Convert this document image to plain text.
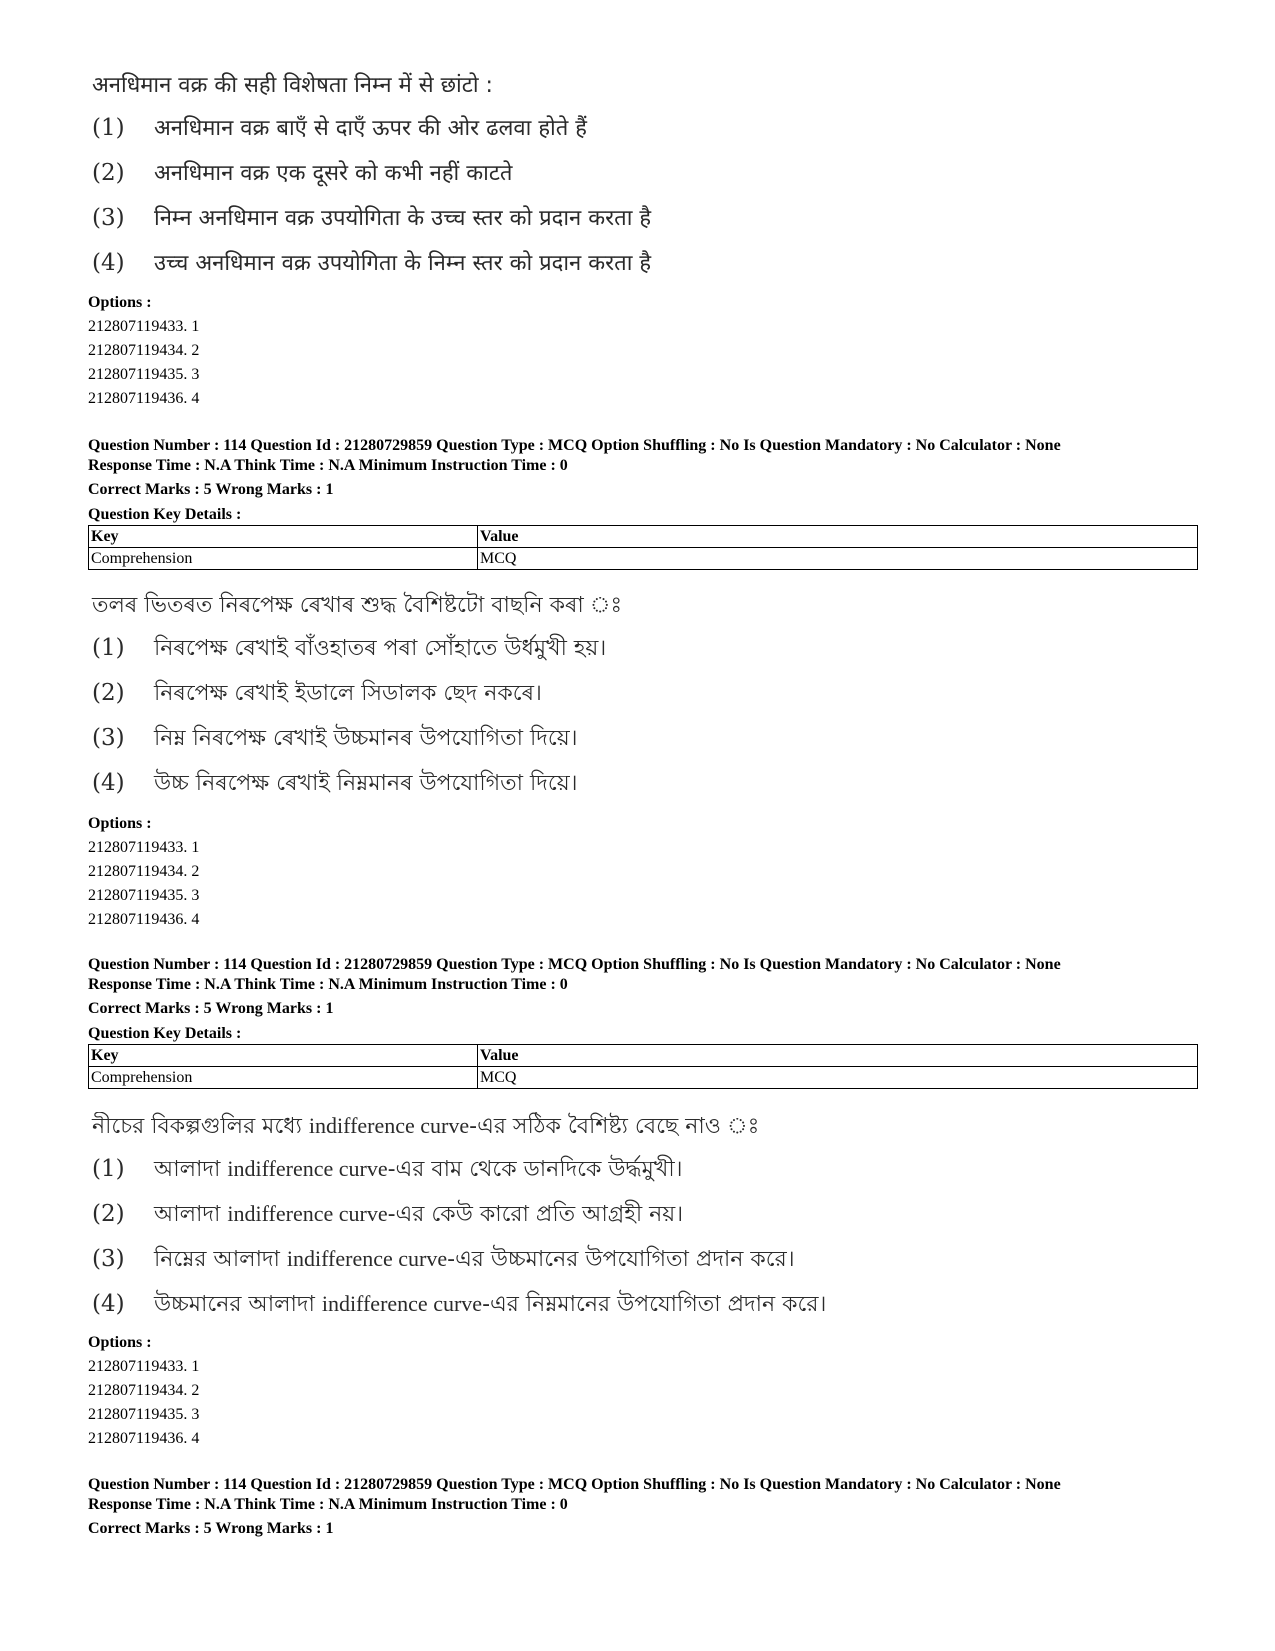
अनधिमान वक्र की सही विशेषता निम्न में से छांटो :
(1) अनधिमान वक्र बाएँ से दाएँ ऊपर की ओर ढलवा होते हैं
(2) अनधिमान वक्र एक दूसरे को कभी नहीं काटते
(3) निम्न अनधिमान वक्र उपयोगिता के उच्च स्तर को प्रदान करता है
(4) उच्च अनधिमान वक्र उपयोगिता के निम्न स्तर को प्रदान करता है
Options :
212807119433. 1
212807119434. 2
212807119435. 3
212807119436. 4
Question Number : 114 Question Id : 21280729859 Question Type : MCQ Option Shuffling : No Is Question Mandatory : No Calculator : None
Response Time : N.A Think Time : N.A Minimum Instruction Time : 0
Correct Marks : 5 Wrong Marks : 1
Question Key Details :
Key	Value
Comprehension	MCQ
তলৰ ভিতৰত নিৰপেক্ষ ৰেখাৰ শুদ্ধ বৈশিষ্টটো বাছনি কৰা ঃ
(1) নিৰপেক্ষ ৰেখাই বাঁওহাতৰ পৰা সোঁহাতে উৰ্ধমুখী হয়।
(2) নিৰপেক্ষ ৰেখাই ইডালে সিডালক ছেদ নকৰে।
(3) নিম্ন নিৰপেক্ষ ৰেখাই উচ্চমানৰ উপযোগিতা দিয়ে।
(4) উচ্চ নিৰপেক্ষ ৰেখাই নিম্নমানৰ উপযোগিতা দিয়ে।
Options :
212807119433. 1
212807119434. 2
212807119435. 3
212807119436. 4
Question Number : 114 Question Id : 21280729859 Question Type : MCQ Option Shuffling : No Is Question Mandatory : No Calculator : None
Response Time : N.A Think Time : N.A Minimum Instruction Time : 0
Correct Marks : 5 Wrong Marks : 1
Question Key Details :
Key	Value
Comprehension	MCQ
নীচের বিকল্পগুলির মধ্যে indifference curve-এর সঠিক বৈশিষ্ট্য বেছে নাও ঃ
(1) আলাদা indifference curve-এর বাম থেকে ডানদিকে উৰ্দ্ধমুখী।
(2) আলাদা indifference curve-এর কেউ কারো প্রতি আগ্রহী নয়।
(3) নিম্নের আলাদা indifference curve-এর উচ্চমানের উপযোগিতা প্রদান করে।
(4) উচ্চমানের আলাদা indifference curve-এর নিম্নমানের উপযোগিতা প্রদান করে।
Options :
212807119433. 1
212807119434. 2
212807119435. 3
212807119436. 4
Question Number : 114 Question Id : 21280729859 Question Type : MCQ Option Shuffling : No Is Question Mandatory : No Calculator : None
Response Time : N.A Think Time : N.A Minimum Instruction Time : 0
Correct Marks : 5 Wrong Marks : 1
